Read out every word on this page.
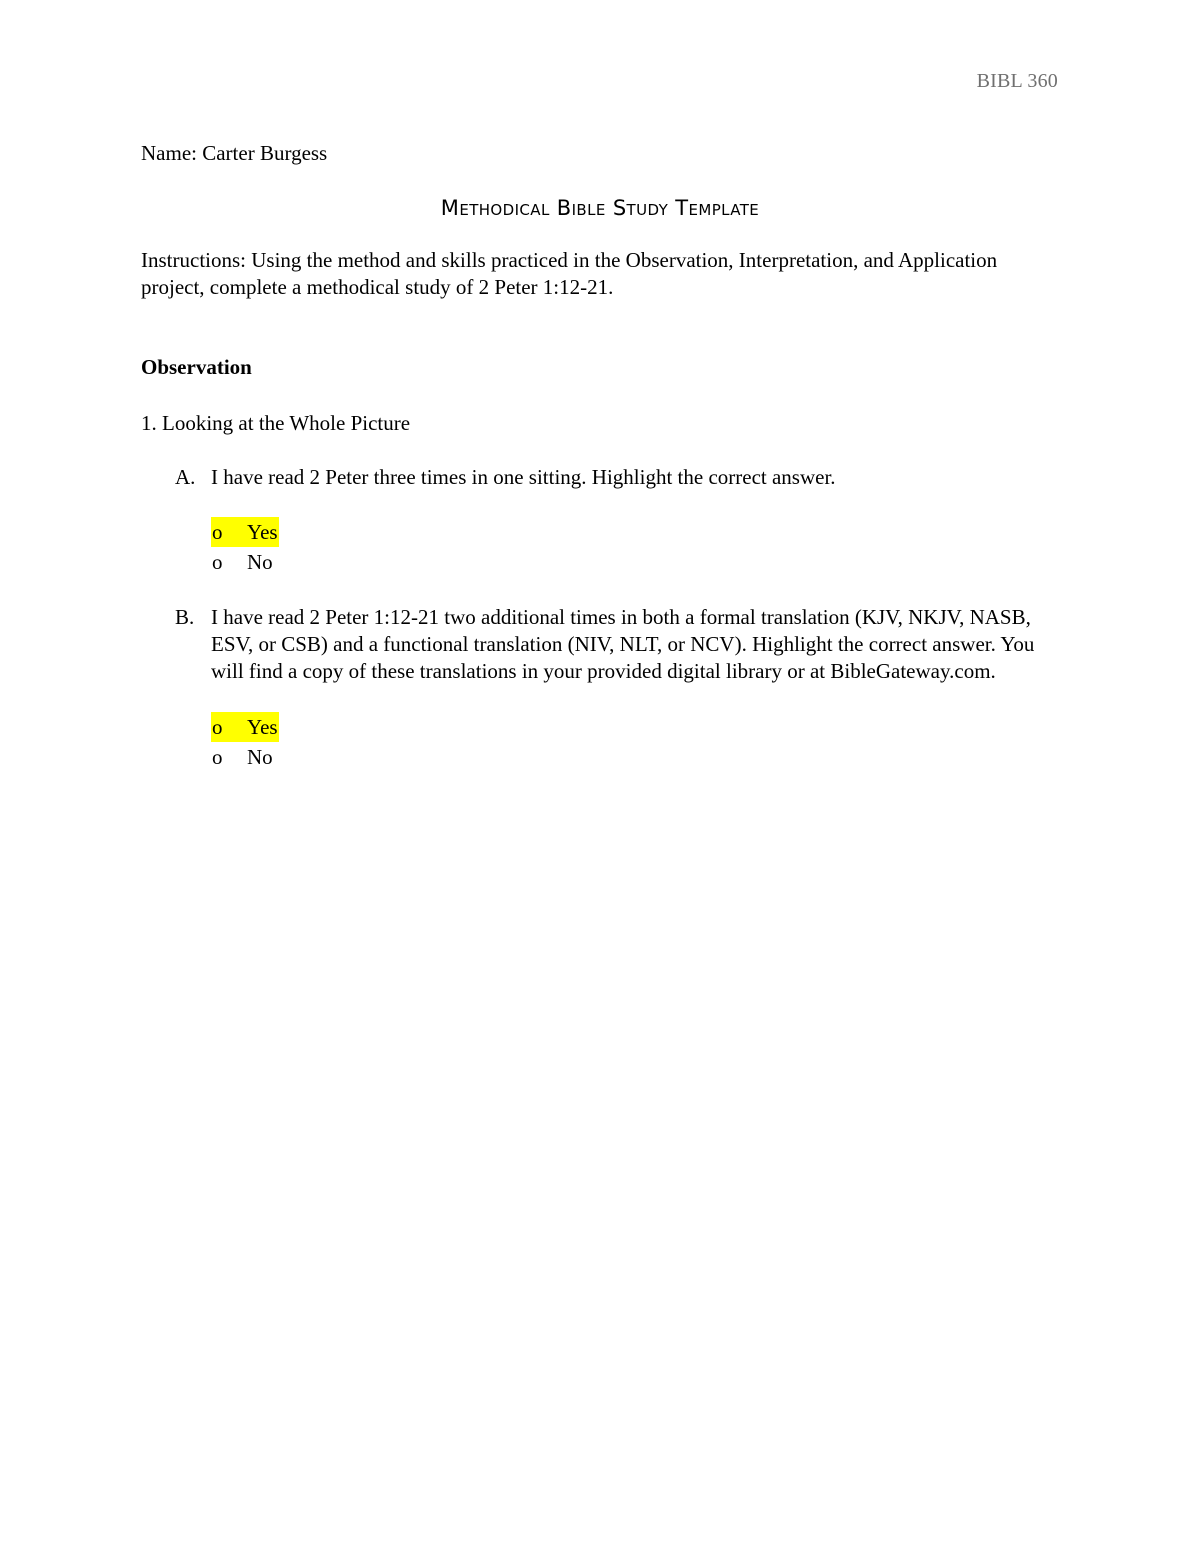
BIBL 360

Name: Carter Burgess

Methodical Bible Study Template

Instructions: Using the method and skills practiced in the Observation, Interpretation, and Application project, complete a methodical study of 2 Peter 1:12-21.

Observation

1. Looking at the Whole Picture

A. I have read 2 Peter three times in one sitting. Highlight the correct answer.
o Yes
o No
B. I have read 2 Peter 1:12-21 two additional times in both a formal translation (KJV, NKJV, NASB, ESV, or CSB) and a functional translation (NIV, NLT, or NCV). Highlight the correct answer. You will find a copy of these translations in your provided digital library or at BibleGateway.com.
o Yes
o No
